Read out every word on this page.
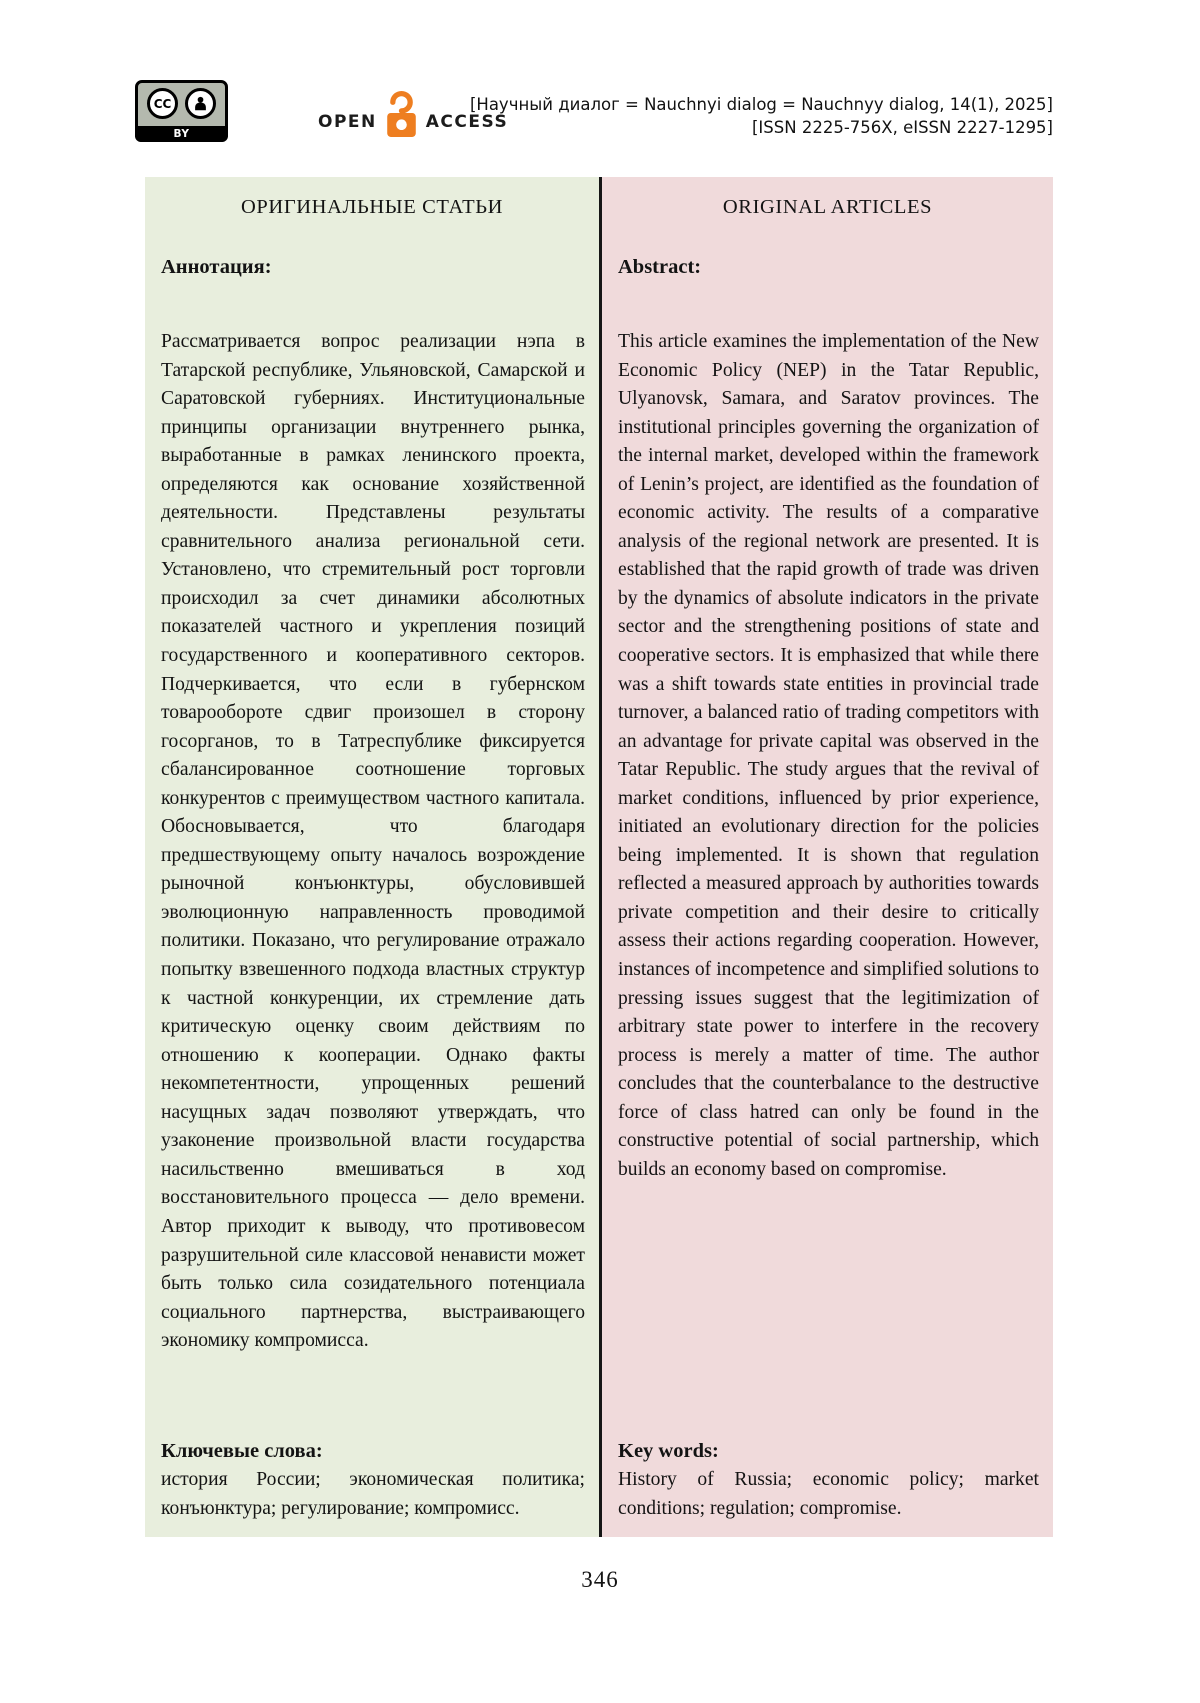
CC
BY
OPEN	ACCESS
[Научный диалог = Nauchnyi dialog = Nauchnyy dialog, 14(1), 2025]
[ISSN 2225-756X, eISSN 2227-1295]
ОРИГИНАЛЬНЫЕ СТАТЬИ
Аннотация:
Рассматривается вопрос реализации нэпа в Татарской республике, Ульяновской, Самарской и Саратовской губерниях. Институциональные принципы организации внутреннего рынка, выработанные в рамках ленинского проекта, определяются как основание хозяйственной деятельности. Представлены результаты сравнительного анализа региональной сети. Установлено, что стремительный рост торговли происходил за счет динамики абсолютных показателей частного и укрепления позиций государственного и кооперативного секторов. Подчеркивается, что если в губернском товарообороте сдвиг произошел в сторону госорганов, то в Татреспублике фиксируется сбалансированное соотношение торговых конкурентов с преимуществом частного капитала. Обосновывается, что благодаря предшествующему опыту началось возрождение рыночной конъюнктуры, обусловившей эволюционную направленность проводимой политики. Показано, что регулирование отражало попытку взвешенного подхода властных структур к частной конкуренции, их стремление дать критическую оценку своим действиям по отношению к кооперации. Однако факты некомпетентности, упрощенных решений насущных задач позволяют утверждать, что узаконение произвольной власти государства насильственно вмешиваться в ход восстановительного процесса — дело времени. Автор приходит к выводу, что противовесом разрушительной силе классовой ненависти может быть только сила созидательного потенциала социального партнерства, выстраивающего экономику компромисса.
Ключевые слова:
история России; экономическая политика; конъюнктура; регулирование; компромисс.
ORIGINAL ARTICLES
Abstract:
This article examines the implementation of the New Economic Policy (NEP) in the Tatar Republic, Ulyanovsk, Samara, and Saratov provinces. The institutional principles governing the organization of the internal market, developed within the framework of Lenin’s project, are identified as the foundation of economic activity. The results of a comparative analysis of the regional network are presented. It is established that the rapid growth of trade was driven by the dynamics of absolute indicators in the private sector and the strengthening positions of state and cooperative sectors. It is emphasized that while there was a shift towards state entities in provincial trade turnover, a balanced ratio of trading competitors with an advantage for private capital was observed in the Tatar Republic. The study argues that the revival of market conditions, influenced by prior experience, initiated an evolutionary direction for the policies being implemented. It is shown that regulation reflected a measured approach by authorities towards private competition and their desire to critically assess their actions regarding cooperation. However, instances of incompetence and simplified solutions to pressing issues suggest that the legitimization of arbitrary state power to interfere in the recovery process is merely a matter of time. The author concludes that the counterbalance to the destructive force of class hatred can only be found in the constructive potential of social partnership, which builds an economy based on compromise.
Key words:
History of Russia; economic policy; market conditions; regulation; compromise.
346
